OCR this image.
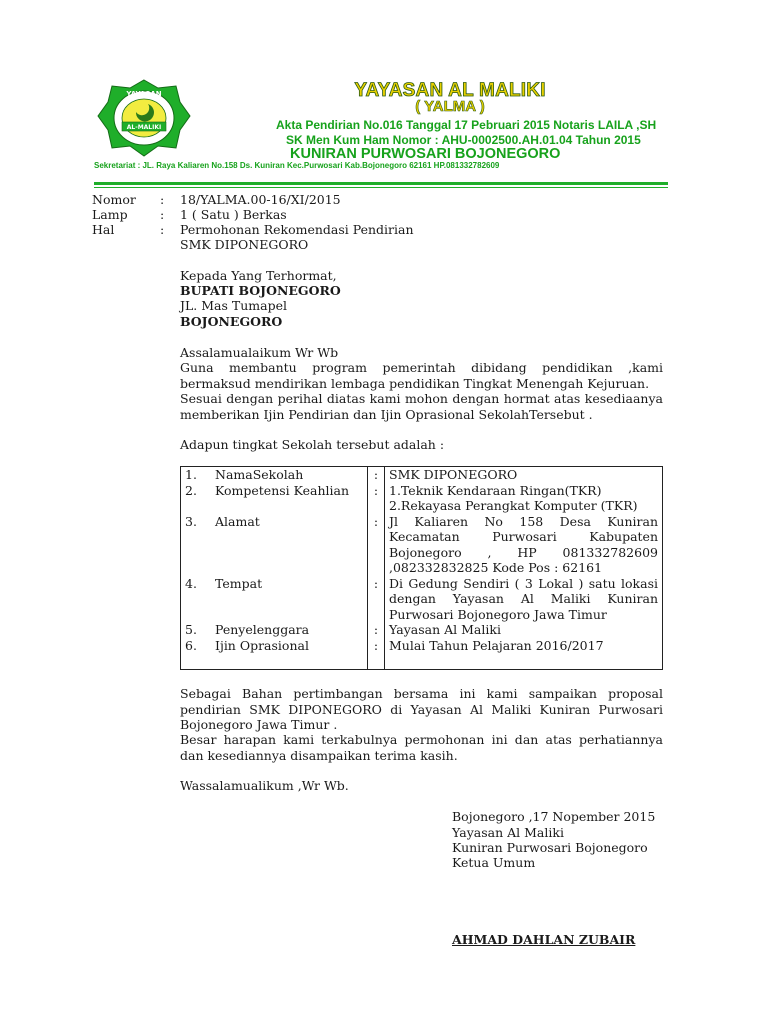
AL-MALIKI
YAYASAN	YAYASAN AL MALIKI
( YALMA )
Akta Pendirian No.016 Tanggal 17 Pebruari 2015 Notaris LAILA ,SH
SK Men Kum Ham Nomor : AHU-0002500.AH.01.04 Tahun 2015
KUNIRAN PURWOSARI BOJONEGORO
Sekretariat : JL. Raya Kaliaren No.158 Ds. Kuniran Kec.Purwosari Kab.Bojonegoro 62161 HP.081332782609
Nomor : 18/YALMA.00-16/XI/2015
Lamp	: 1 ( Satu ) Berkas
Hal	: Permohonan Rekomendasi Pendirian
SMK DIPONEGORO
Kepada Yang Terhormat,
BUPATI BOJONEGORO
JL. Mas Tumapel
BOJONEGORO
Assalamualaikum Wr Wb
Guna membantu program pemerintah dibidang pendidikan ,kami bermaksud mendirikan lembaga pendidikan Tingkat Menengah Kejuruan.
Sesuai dengan perihal diatas kami mohon dengan hormat atas kesediaanya memberikan Ijin Pendirian dan Ijin Oprasional SekolahTersebut .
Adapun tingkat Sekolah tersebut adalah :
1.	NamaSekolah	:	SMK DIPONEGORO
2.	Kompetensi Keahlian	:	1.Teknik Kendaraan Ringan(TKR)
2.Rekayasa Perangkat Komputer (TKR)

3.	Alamat	:	Jl Kaliaren No 158 Desa Kuniran Kecamatan Purwosari Kabupaten Bojonegoro , HP 081332782609 ,082332832825 Kode Pos : 62161
4.	Tempat	:	Di Gedung Sendiri ( 3 Lokal ) satu lokasi dengan Yayasan Al Maliki Kuniran Purwosari Bojonegoro Jawa Timur
5.	Penyelenggara	:	Yayasan Al Maliki
6.	Ijin Oprasional	:	Mulai Tahun Pelajaran 2016/2017
Sebagai Bahan pertimbangan bersama ini kami sampaikan proposal pendirian SMK DIPONEGORO di Yayasan Al Maliki Kuniran Purwosari Bojonegoro Jawa Timur .
Besar harapan kami terkabulnya permohonan ini dan atas perhatiannya dan kesediannya disampaikan terima kasih.
Wassalamualikum ,Wr Wb.
Bojonegoro ,17 Nopember 2015
Yayasan Al Maliki
Kuniran Purwosari Bojonegoro
Ketua Umum
AHMAD DAHLAN ZUBAIR
